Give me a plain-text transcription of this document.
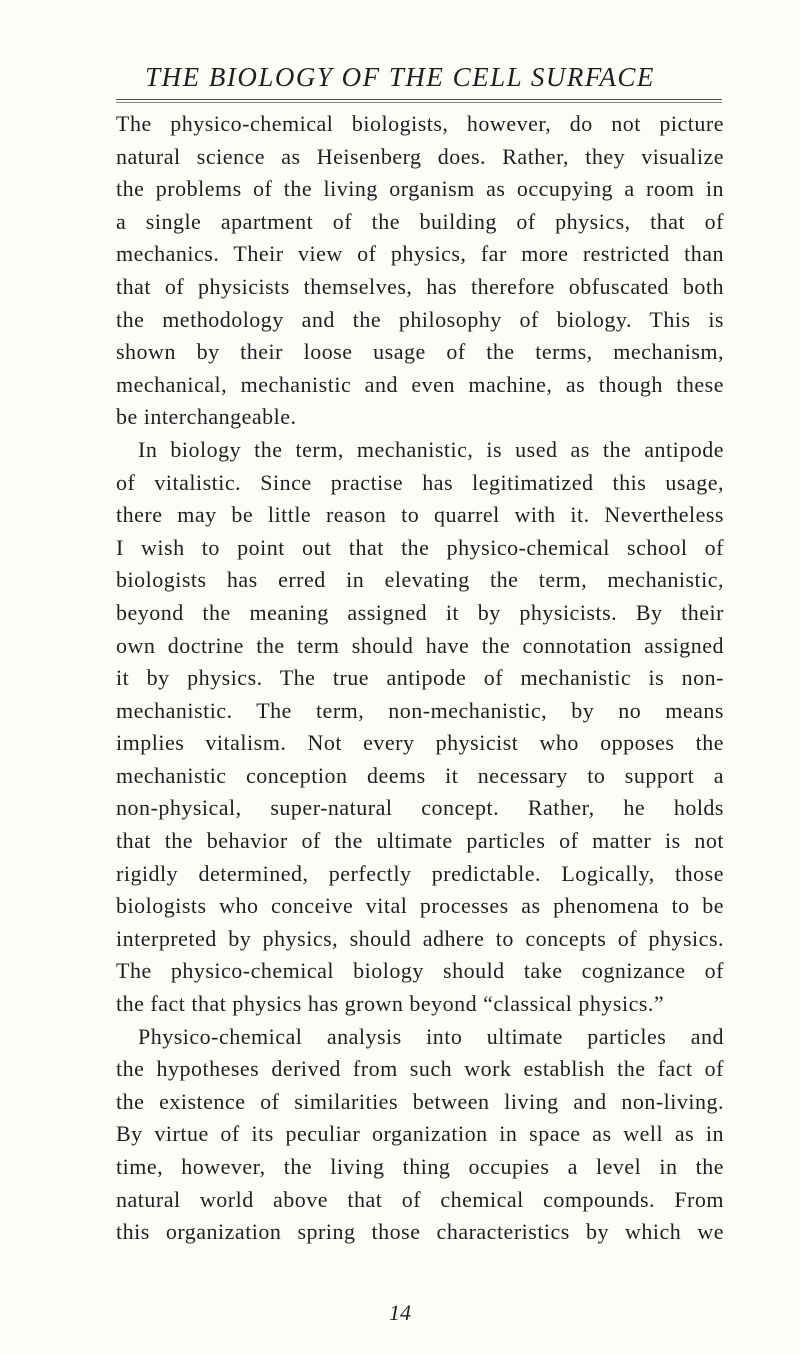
THE BIOLOGY OF THE CELL SURFACE

The physico-chemical biologists, however, do not picture
natural science as Heisenberg does. Rather, they visualize
the problems of the living organism as occupying a room in
a single apartment of the building of physics, that of
mechanics. Their view of physics, far more restricted than
that of physicists themselves, has therefore obfuscated both
the methodology and the philosophy of biology. This is
shown by their loose usage of the terms, mechanism,
mechanical, mechanistic and even machine, as though these
be interchangeable.

In biology the term, mechanistic, is used as the antipode
of vitalistic. Since practise has legitimatized this usage,
there may be little reason to quarrel with it. Nevertheless
I wish to point out that the physico-chemical school of
biologists has erred in elevating the term, mechanistic,
beyond the meaning assigned it by physicists. By their
own doctrine the term should have the connotation assigned
it by physics. The true antipode of mechanistic is non-
mechanistic. The term, non-mechanistic, by no means
implies vitalism. Not every physicist who opposes the
mechanistic conception deems it necessary to support a
non-physical, super-natural concept. Rather, he holds
that the behavior of the ultimate particles of matter is not
rigidly determined, perfectly predictable. Logically, those
biologists who conceive vital processes as phenomena to be
interpreted by physics, should adhere to concepts of physics.
The physico-chemical biology should take cognizance of
the fact that physics has grown beyond “classical physics.”

Physico-chemical analysis into ultimate particles and
the hypotheses derived from such work establish the fact of
the existence of similarities between living and non-living.
By virtue of its peculiar organization in space as well as in
time, however, the living thing occupies a level in the
natural world above that of chemical compounds. From
this organization spring those characteristics by which we

14
